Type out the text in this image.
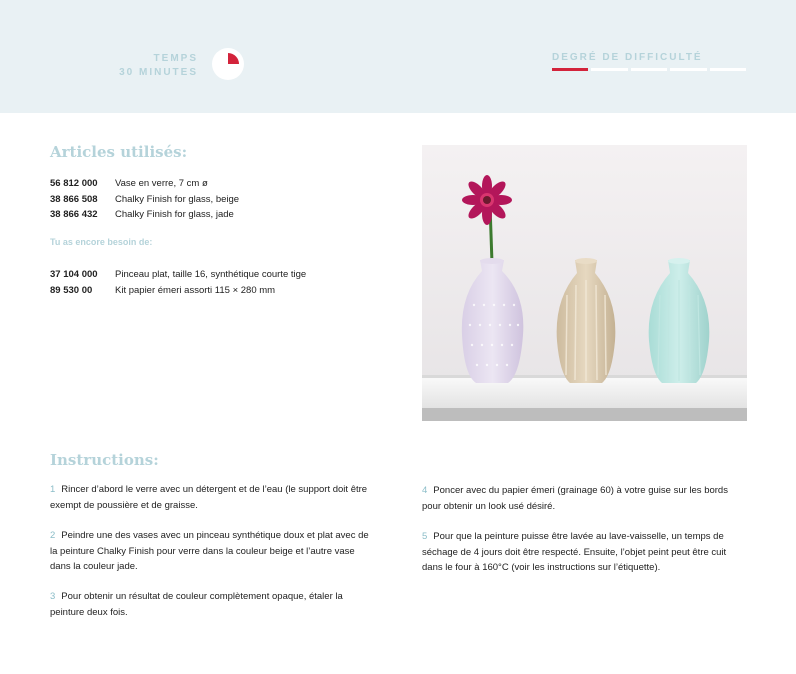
TEMPS
30 MINUTES
DEGRÉ DE DIFFICULTÉ
Articles utilisés:
56 812 000	Vase en verre, 7 cm ø
38 866 508	Chalky Finish for glass, beige
38 866 432	Chalky Finish for glass, jade
Tu as encore besoin de:
37 104 000	Pinceau plat, taille 16, synthétique courte tige
89 530 00	Kit papier émeri assorti 115 × 280 mm
Instructions:
1 Rincer d’abord le verre avec un détergent et de l’eau (le support doit être exempt de poussière et de graisse.
2 Peindre une des vases avec un pinceau synthétique doux et plat avec de la peinture Chalky Finish pour verre dans la couleur beige et l’autre vase dans la couleur jade.
3 Pour obtenir un résultat de couleur complètement opaque, étaler la peinture deux fois.
4 Poncer avec du papier émeri (grainage 60) à votre guise sur les bords pour obtenir un look usé désiré.
5 Pour que la peinture puisse être lavée au lave-vaisselle, un temps de séchage de 4 jours doit être respecté. Ensuite, l’objet peint peut être cuit dans le four à 160°C (voir les instructions sur l’étiquette).
